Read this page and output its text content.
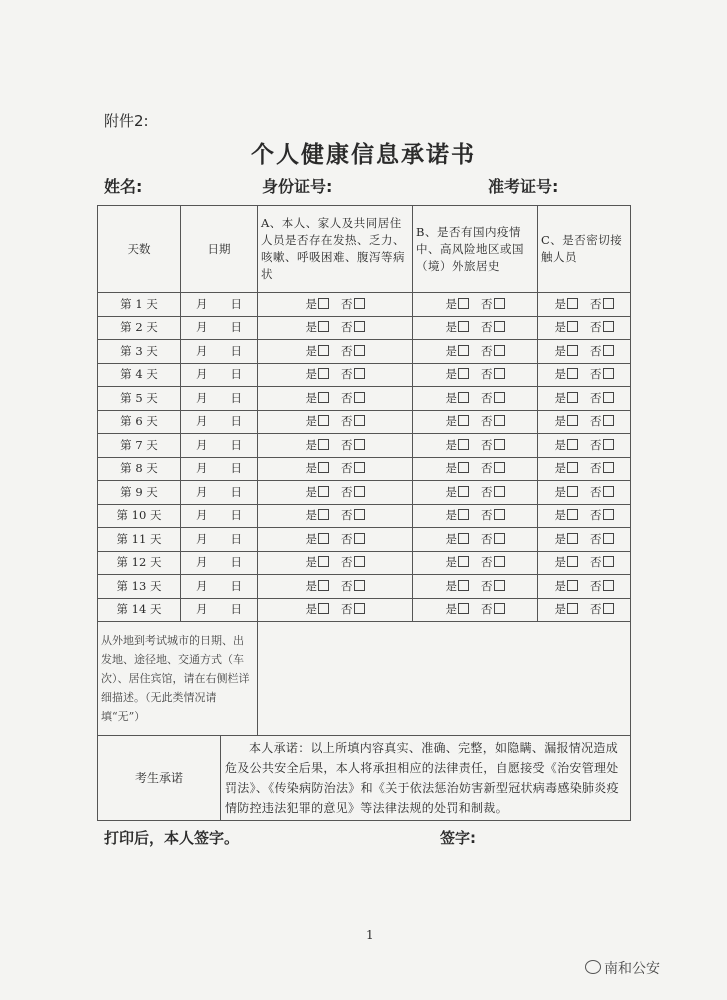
附件2:
个人健康信息承诺书
姓名:	身份证号:	准考证号:
天数	日期	A、本人、家人及共同居住人员是否存在发热、乏力、咳嗽、呼吸困难、腹泻等病状	B、是否有国内疫情中、高风险地区或国（境）外旅居史	C、是否密切接触人员
第 1 天	月　　日	是 否	是 否	是 否
第 2 天	月　　日	是 否	是 否	是 否
第 3 天	月　　日	是 否	是 否	是 否
第 4 天	月　　日	是 否	是 否	是 否
第 5 天	月　　日	是 否	是 否	是 否
第 6 天	月　　日	是 否	是 否	是 否
第 7 天	月　　日	是 否	是 否	是 否
第 8 天	月　　日	是 否	是 否	是 否
第 9 天	月　　日	是 否	是 否	是 否
第 10 天	月　　日	是 否	是 否	是 否
第 11 天	月　　日	是 否	是 否	是 否
第 12 天	月　　日	是 否	是 否	是 否
第 13 天	月　　日	是 否	是 否	是 否
第 14 天	月　　日	是 否	是 否	是 否
从外地到考试城市的日期、出发地、途径地、交通方式（车次）、居住宾馆，请在右侧栏详细描述。（无此类情况请填“无”）				

考生承诺
本人承诺：以上所填内容真实、准确、完整，如隐瞒、漏报情况造成危及公共安全后果，本人将承担相应的法律责任，自愿接受《治安管理处罚法》、《传染病防治法》和《关于依法惩治妨害新型冠状病毒感染肺炎疫情防控违法犯罪的意见》等法律法规的处罚和制裁。				
打印后，本人签字。	签字:
1
南和公安
